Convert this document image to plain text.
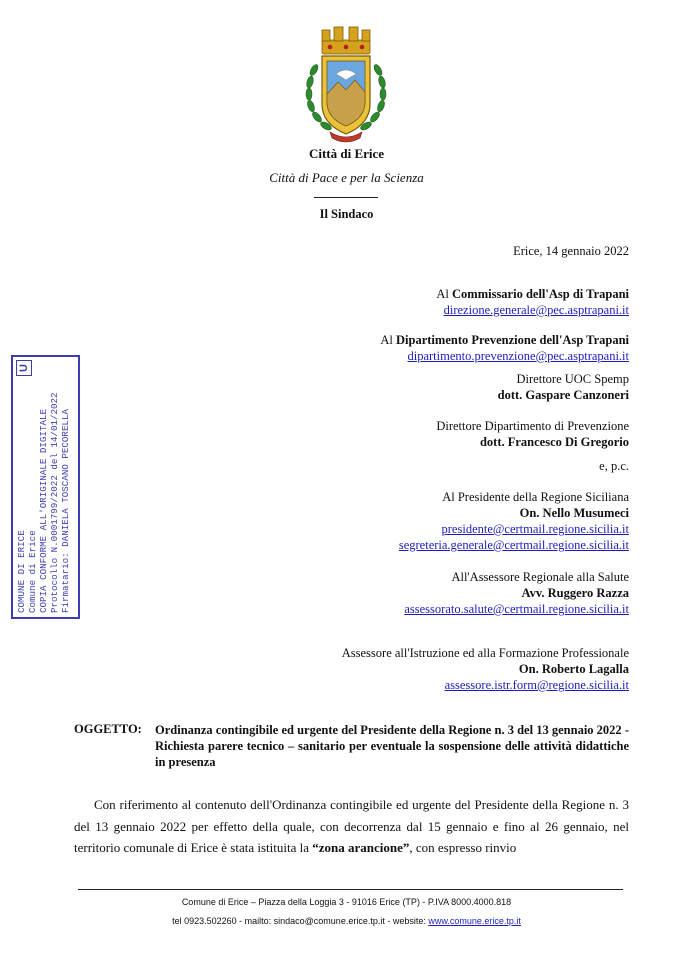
Città di Erice
Città di Pace e per la Scienza
Il Sindaco
Erice, 14 gennaio 2022
Al Commissario dell'Asp di Trapani
direzione.generale@pec.asptrapani.it
Al Dipartimento Prevenzione dell'Asp Trapani
dipartimento.prevenzione@pec.asptrapani.it
Direttore UOC Spemp
dott. Gaspare Canzoneri
Direttore Dipartimento di Prevenzione
dott. Francesco Di Gregorio
e, p.c.
Al Presidente della Regione Siciliana
On. Nello Musumeci
presidente@certmail.regione.sicilia.it
segreteria.generale@certmail.regione.sicilia.it
All'Assessore Regionale alla Salute
Avv. Ruggero Razza
assessorato.salute@certmail.regione.sicilia.it
Assessore all'Istruzione ed alla Formazione Professionale
On. Roberto Lagalla
assessore.istr.form@regione.sicilia.it
COMUNE DI ERICE Comune di Erice COPIA CONFORME ALL'ORIGINALE DIGITALE Protocollo N.0001799/2022 del 14/01/2022 Firmatario: DANIELA TOSCANO PECORELLA
U
OGGETTO: Ordinanza contingibile ed urgente del Presidente della Regione n. 3 del 13 gennaio 2022 - Richiesta parere tecnico – sanitario per eventuale la sospensione delle attività didattiche in presenza
Con riferimento al contenuto dell'Ordinanza contingibile ed urgente del Presidente della Regione n. 3 del 13 gennaio 2022 per effetto della quale, con decorrenza dal 15 gennaio e fino al 26 gennaio, nel territorio comunale di Erice è stata istituita la “zona arancione”, con espresso rinvio
Comune di Erice – Piazza della Loggia 3 - 91016 Erice (TP) - P.IVA 8000.4000.818
tel 0923.502260 - mailto: sindaco@comune.erice.tp.it - website: www.comune.erice.tp.it
